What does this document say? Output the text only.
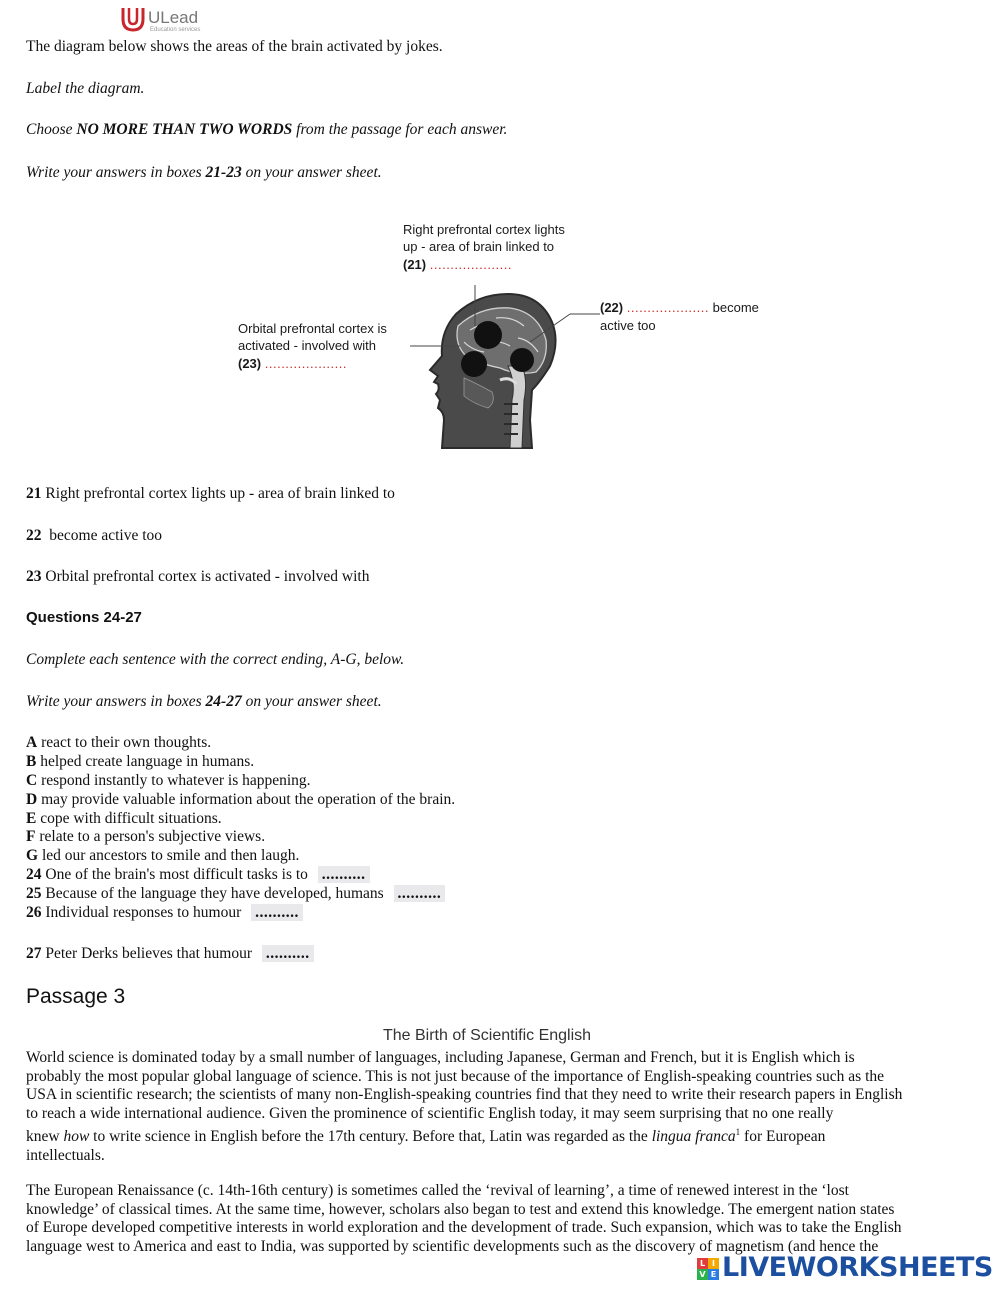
ULead
Education services
The diagram below shows the areas of the brain activated by jokes.
Label the diagram.
Choose NO MORE THAN TWO WORDS from the passage for each answer.
Write your answers in boxes 21-23 on your answer sheet.
Right prefrontal cortex lights
up - area of brain linked to
(21) ....................
(22) .................... become
active too
Orbital prefrontal cortex is
activated - involved with
(23) ....................
21 Right prefrontal cortex lights up - area of brain linked to
22  become active too
23 Orbital prefrontal cortex is activated - involved with
Questions 24-27
Complete each sentence with the correct ending, A-G, below.
Write your answers in boxes 24-27 on your answer sheet.
A react to their own thoughts.
B helped create language in humans.
C respond instantly to whatever is happening.
D may provide valuable information about the operation of the brain.
E cope with difficult situations.
F relate to a person's subjective views.
G led our ancestors to smile and then laugh.
24 One of the brain's most difficult tasks is to ..........
25 Because of the language they have developed, humans ..........
26 Individual responses to humour ..........
27 Peter Derks believes that humour ..........
Passage 3
The Birth of Scientific English
World science is dominated today by a small number of languages, including Japanese, German and French, but it is English which is
probably the most popular global language of science. This is not just because of the importance of English-speaking countries such as the
USA in scientific research; the scientists of many non-English-speaking countries find that they need to write their research papers in English
to reach a wide international audience. Given the prominence of scientific English today, it may seem surprising that no one really
knew how to write science in English before the 17th century. Before that, Latin was regarded as the lingua franca$^1$ for European
intellectuals.
The European Renaissance (c. 14th-16th century) is sometimes called the ‘revival of learning’, a time of renewed interest in the ‘lost
knowledge’ of classical times. At the same time, however, scholars also began to test and extend this knowledge. The emergent nation states
of Europe developed competitive interests in world exploration and the development of trade. Such expansion, which was to take the English
language west to America and east to India, was supported by scientific developments such as the discovery of magnetism (and hence the
L I
V E LIVEWORKSHEETS
